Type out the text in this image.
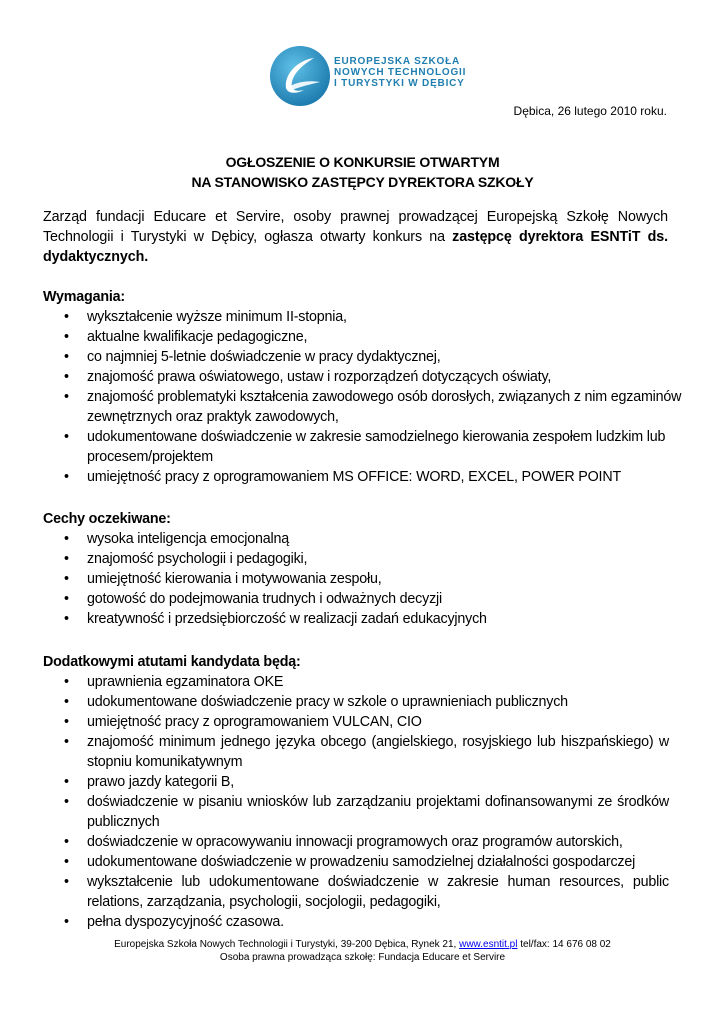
EUROPEJSKA SZKOŁA
NOWYCH TECHNOLOGII
I TURYSTYKI W DĘBICY
Dębica, 26 lutego 2010 roku.
OGŁOSZENIE O KONKURSIE OTWARTYM
NA STANOWISKO ZASTĘPCY DYREKTORA SZKOŁY
Zarząd fundacji Educare et Servire, osoby prawnej prowadzącej Europejską Szkołę Nowych Technologii i Turystyki w Dębicy, ogłasza otwarty konkurs na zastępcę dyrektora ESNTiT ds. dydaktycznych.
Wymagania:
• wykształcenie wyższe minimum II-stopnia,
• aktualne kwalifikacje pedagogiczne,
• co najmniej 5-letnie doświadczenie w pracy dydaktycznej,
• znajomość prawa oświatowego, ustaw i rozporządzeń dotyczących oświaty,
• znajomość problematyki kształcenia zawodowego osób dorosłych, związanych z nim egzaminów zewnętrznych oraz praktyk zawodowych,
• udokumentowane doświadczenie w zakresie samodzielnego kierowania zespołem ludzkim lub procesem/projektem
• umiejętność pracy z oprogramowaniem MS OFFICE: WORD, EXCEL, POWER POINT
Cechy oczekiwane:
• wysoka inteligencja emocjonalną
• znajomość psychologii i pedagogiki,
• umiejętność kierowania i motywowania zespołu,
• gotowość do podejmowania trudnych i odważnych decyzji
• kreatywność i przedsiębiorczość w realizacji zadań edukacyjnych
Dodatkowymi atutami kandydata będą:
• uprawnienia egzaminatora OKE
• udokumentowane doświadczenie pracy w szkole o uprawnieniach publicznych
• umiejętność pracy z oprogramowaniem VULCAN, CIO
• znajomość minimum jednego języka obcego (angielskiego, rosyjskiego lub hiszpańskiego) w stopniu komunikatywnym
• prawo jazdy kategorii B,
• doświadczenie w pisaniu wniosków lub zarządzaniu projektami dofinansowanymi ze środków publicznych
• doświadczenie w opracowywaniu innowacji programowych oraz programów autorskich,
• udokumentowane doświadczenie w prowadzeniu samodzielnej działalności gospodarczej
• wykształcenie lub udokumentowane doświadczenie w zakresie human resources, public relations, zarządzania, psychologii, socjologii, pedagogiki,
• pełna dyspozycyjność czasowa.
Europejska Szkoła Nowych Technologii i Turystyki, 39-200 Dębica, Rynek 21, www.esntit.pl tel/fax: 14 676 08 02
Osoba prawna prowadząca szkołę: Fundacja Educare et Servire
